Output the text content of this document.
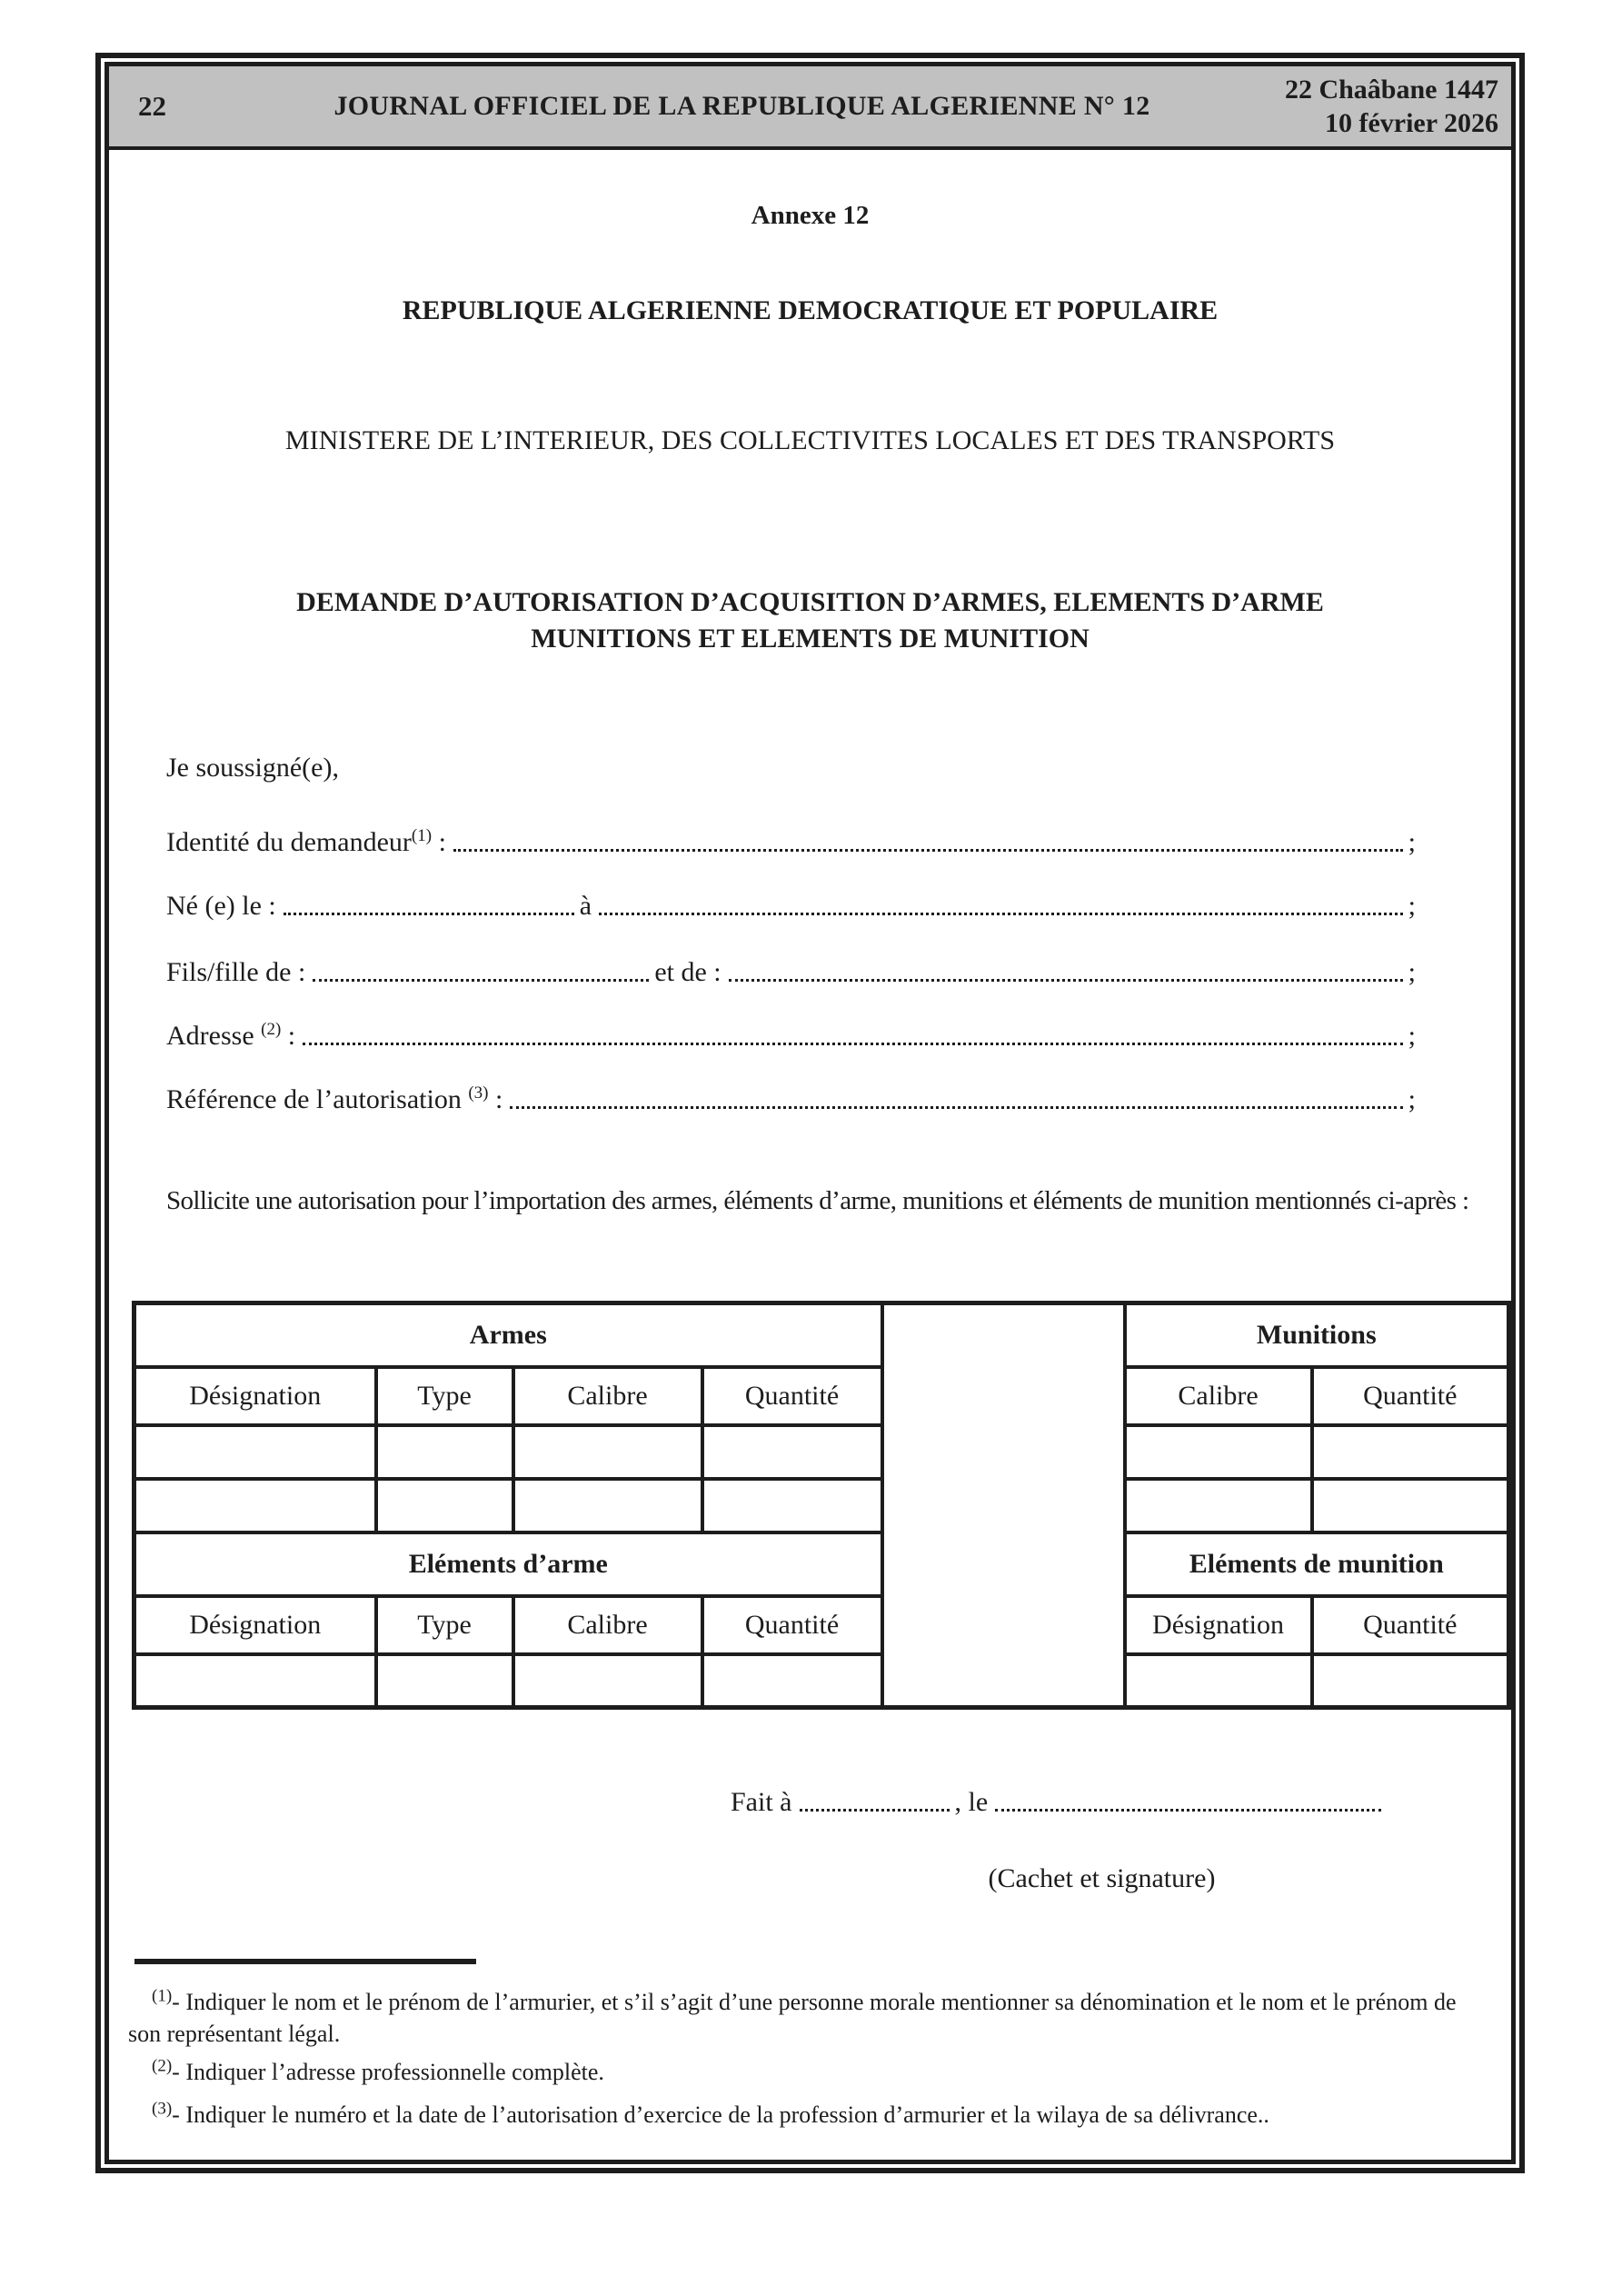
22	JOURNAL OFFICIEL DE LA REPUBLIQUE ALGERIENNE N° 12
22 Chaâbane 1447
10 février 2026
Annexe 12
REPUBLIQUE ALGERIENNE DEMOCRATIQUE ET POPULAIRE
MINISTERE DE L’INTERIEUR, DES COLLECTIVITES LOCALES ET DES TRANSPORTS
DEMANDE D’AUTORISATION D’ACQUISITION D’ARMES, ELEMENTS D’ARME
MUNITIONS ET ELEMENTS DE MUNITION
Je soussigné(e),
Identité du demandeur$^{(1)}$ :	;
Né (e) le :	à	;
Fils/fille de :	et de :	;
Adresse $^{(2)}$ :	;
Référence de l’autorisation $^{(3)}$ :	;
Sollicite une autorisation pour l’importation des armes, éléments d’arme, munitions et éléments de munition mentionnés ci-après :
Armes					Munitions	
Désignation	Type	Calibre	Quantité		Calibre	Quantité

Eléments d’arme					Eléments de munition	
Désignation	Type	Calibre	Quantité		Désignation	Quantité

Fait à	, le
(Cachet et signature)
$^{(1)}$- Indiquer le nom et le prénom de l’armurier, et s’il s’agit d’une personne morale mentionner sa dénomination et le nom et le prénom de son représentant légal.
$^{(2)}$- Indiquer l’adresse professionnelle complète.
$^{(3)}$- Indiquer le numéro et la date de l’autorisation d’exercice de la profession d’armurier et la wilaya de sa délivrance..
